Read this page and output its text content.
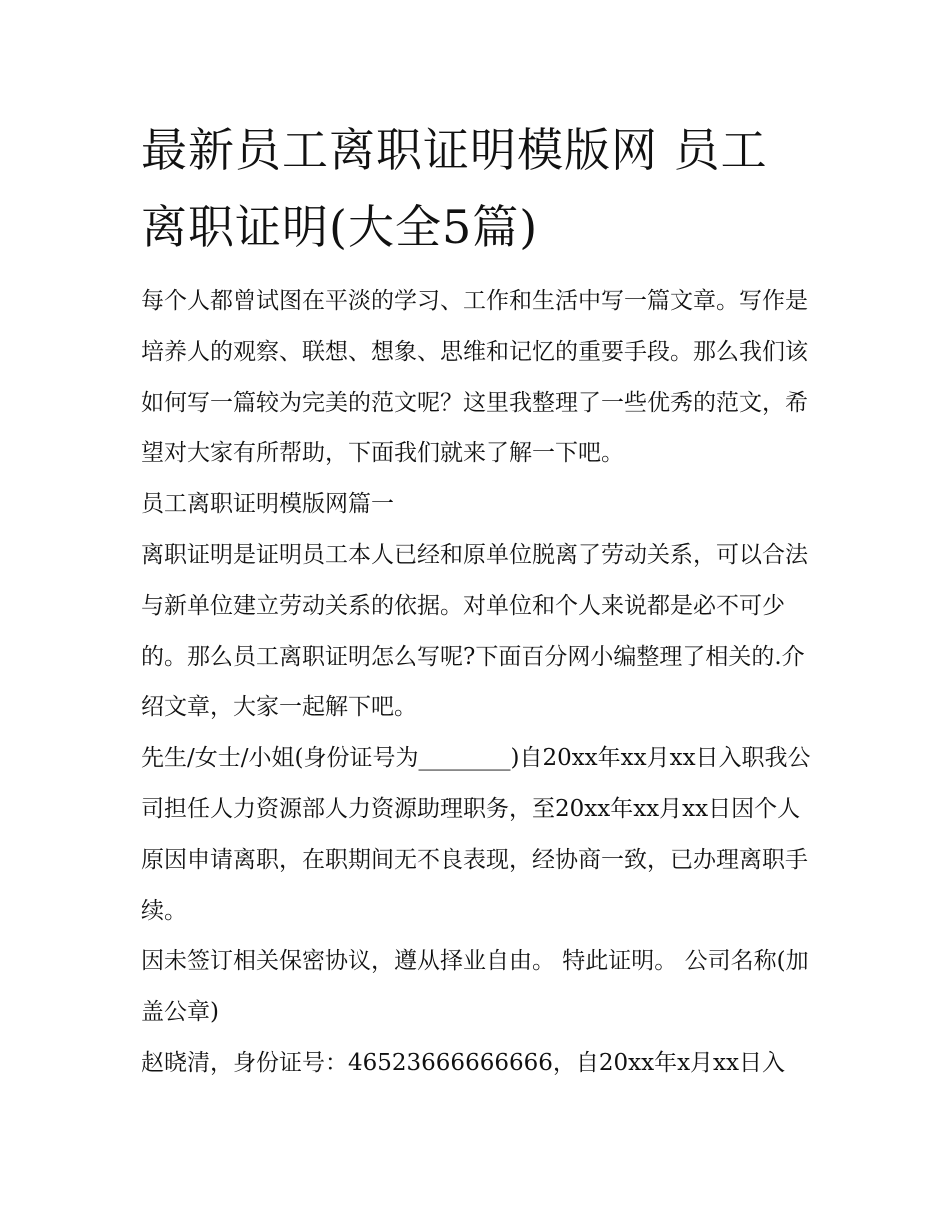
最新员工离职证明模版网 员工离职证明(大全5篇)

每个人都曾试图在平淡的学习、工作和生活中写一篇文章。写作是培养人的观察、联想、想象、思维和记忆的重要手段。那么我们该如何写一篇较为完美的范文呢？这里我整理了一些优秀的范文，希望对大家有所帮助，下面我们就来了解一下吧。

员工离职证明模版网篇一

离职证明是证明员工本人已经和原单位脱离了劳动关系，可以合法与新单位建立劳动关系的依据。对单位和个人来说都是必不可少的。那么员工离职证明怎么写呢?下面百分网小编整理了相关的.介绍文章，大家一起解下吧。

先生/女士/小姐(身份证号为________)自20xx年xx月xx日入职我公司担任人力资源部人力资源助理职务，至20xx年xx月xx日因个人原因申请离职，在职期间无不良表现，经协商一致，已办理离职手续。

因未签订相关保密协议，遵从择业自由。 特此证明。 公司名称(加盖公章)

赵晓清，身份证号：46523666666666，自20xx年x月xx日入
